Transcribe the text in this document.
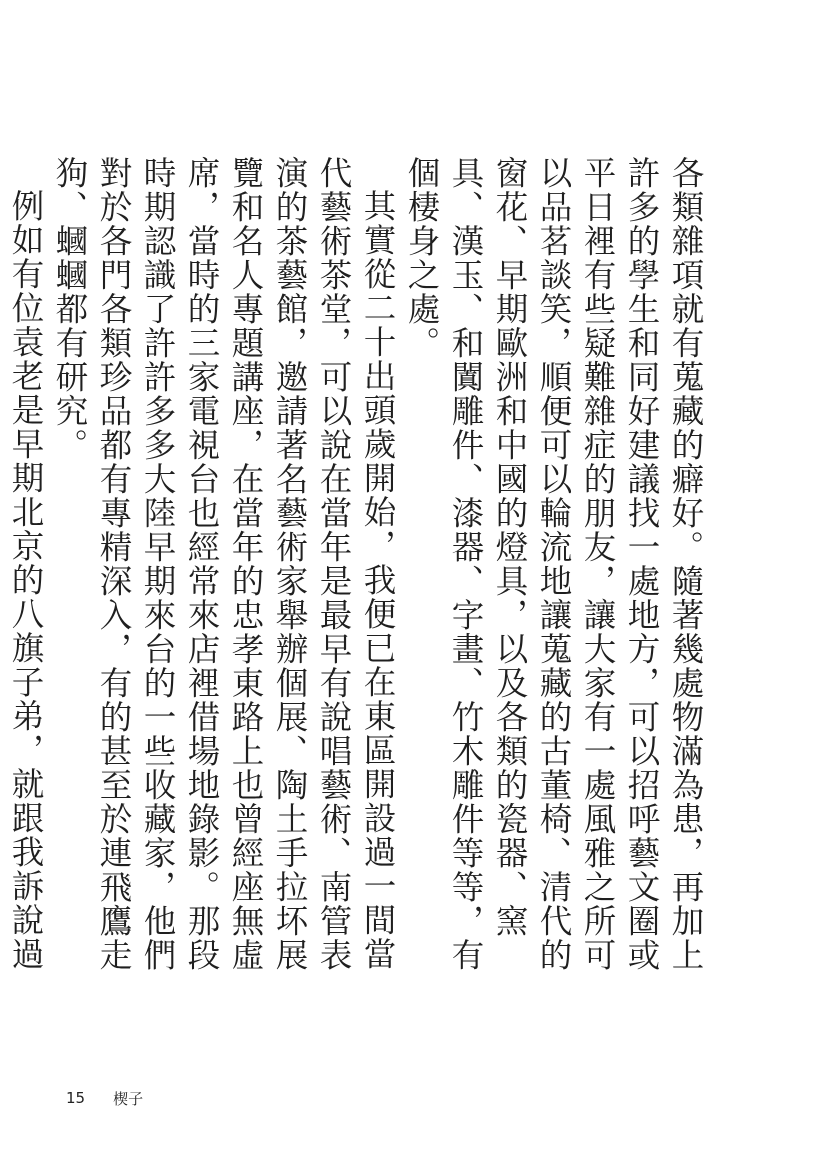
各類雜項就有蒐藏的癖好。隨著幾處物滿為患，再加上許多的學生和同好建議找一處地方，可以招呼藝文圈或平日裡有些疑難雜症的朋友，讓大家有一處風雅之所可以品茗談笑，順便可以輪流地讓蒐藏的古董椅、清代的窗花、早期歐洲和中國的燈具，以及各類的瓷器、窯具、漢玉、和闐雕件、漆器、字畫、竹木雕件等等，有個棲身之處。

其實從二十出頭歲開始，我便已在東區開設過一間當代藝術茶堂，可以說在當年是最早有說唱藝術、南管表演的茶藝館，邀請著名藝術家舉辦個展、陶土手拉坏展覽和名人專題講座，在當年的忠孝東路上也曾經座無虛席，當時的三家電視台也經常來店裡借場地錄影。那段時期認識了許許多多大陸早期來台的一些收藏家，他們對於各門各類珍品都有專精深入，有的甚至於連飛鷹走狗、蟈蟈都有研究。

例如有位袁老是早期北京的八旗子弟，就跟我訴說過

15 楔子
